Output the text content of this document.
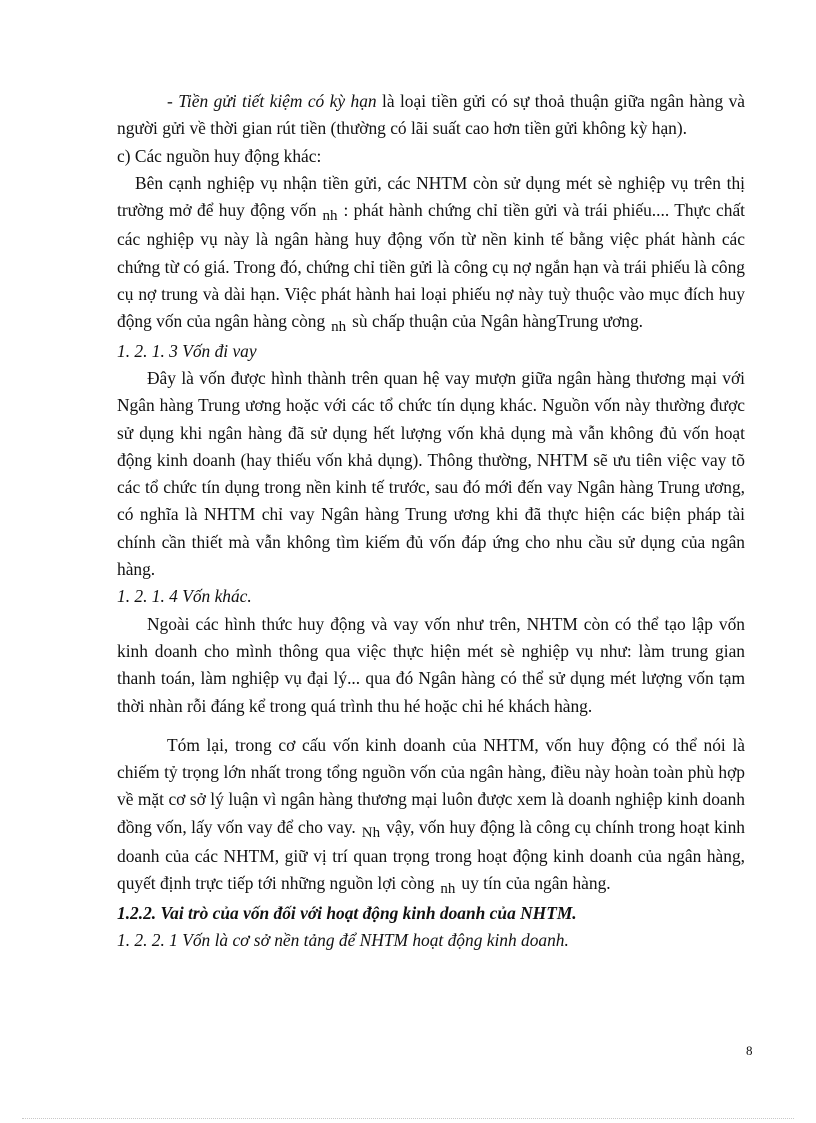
- Tiền gửi tiết kiệm có kỳ hạn là loại tiền gửi có sự thoả thuận giữa ngân hàng và người gửi về thời gian rút tiền (thường có lãi suất cao hơn tiền gửi không kỳ hạn).

c) Các nguồn huy động khác:

Bên cạnh nghiệp vụ nhận tiền gửi, các NHTM còn sử dụng mét sè nghiệp vụ trên thị trường mở để huy động vốn nh : phát hành chứng chỉ tiền gửi và trái phiếu.... Thực chất các nghiệp vụ này là ngân hàng huy động vốn từ nền kinh tế bằng việc phát hành các chứng từ có giá. Trong đó, chứng chỉ tiền gửi là công cụ nợ ngắn hạn và trái phiếu là công cụ nợ trung và dài hạn. Việc phát hành hai loại phiếu nợ này tuỳ thuộc vào mục đích huy động vốn của ngân hàng còng nh sù chấp thuận của Ngân hàngTrung ương.

1. 2. 1. 3 Vốn đi vay

Đây là vốn được hình thành trên quan hệ vay mượn giữa ngân hàng thương mại với Ngân hàng Trung ương hoặc với các tổ chức tín dụng khác. Nguồn vốn này thường được sử dụng khi ngân hàng đã sử dụng hết lượng vốn khả dụng mà vẫn không đủ vốn hoạt động kinh doanh (hay thiếu vốn khả dụng). Thông thường, NHTM sẽ ưu tiên việc vay tõ các tổ chức tín dụng trong nền kinh tế trước, sau đó mới đến vay Ngân hàng Trung ương, có nghĩa là NHTM chỉ vay Ngân hàng Trung ương khi đã thực hiện các biện pháp tài chính cần thiết mà vẫn không tìm kiếm đủ vốn đáp ứng cho nhu cầu sử dụng của ngân hàng.

1. 2. 1. 4 Vốn khác.

Ngoài các hình thức huy động và vay vốn như trên, NHTM còn có thể tạo lập vốn kinh doanh cho mình thông qua việc thực hiện mét sè nghiệp vụ như: làm trung gian thanh toán, làm nghiệp vụ đại lý... qua đó Ngân hàng có thể sử dụng mét lượng vốn tạm thời nhàn rỗi đáng kể trong quá trình thu hé hoặc chi hé khách hàng.

Tóm lại, trong cơ cấu vốn kinh doanh của NHTM, vốn huy động có thể nói là chiếm tỷ trọng lớn nhất trong tổng nguồn vốn của ngân hàng, điều này hoàn toàn phù hợp về mặt cơ sở lý luận vì ngân hàng thương mại luôn được xem là doanh nghiệp kinh doanh đồng vốn, lấy vốn vay để cho vay. Nh vậy, vốn huy động là công cụ chính trong hoạt kinh doanh của các NHTM, giữ vị trí quan trọng trong hoạt động kinh doanh của ngân hàng, quyết định trực tiếp tới những nguồn lợi còng nh uy tín của ngân hàng.

1.2.2. Vai trò của vốn đối với hoạt động kinh doanh của NHTM.

1. 2. 2. 1 Vốn là cơ sở nền tảng để NHTM hoạt động kinh doanh.

8
